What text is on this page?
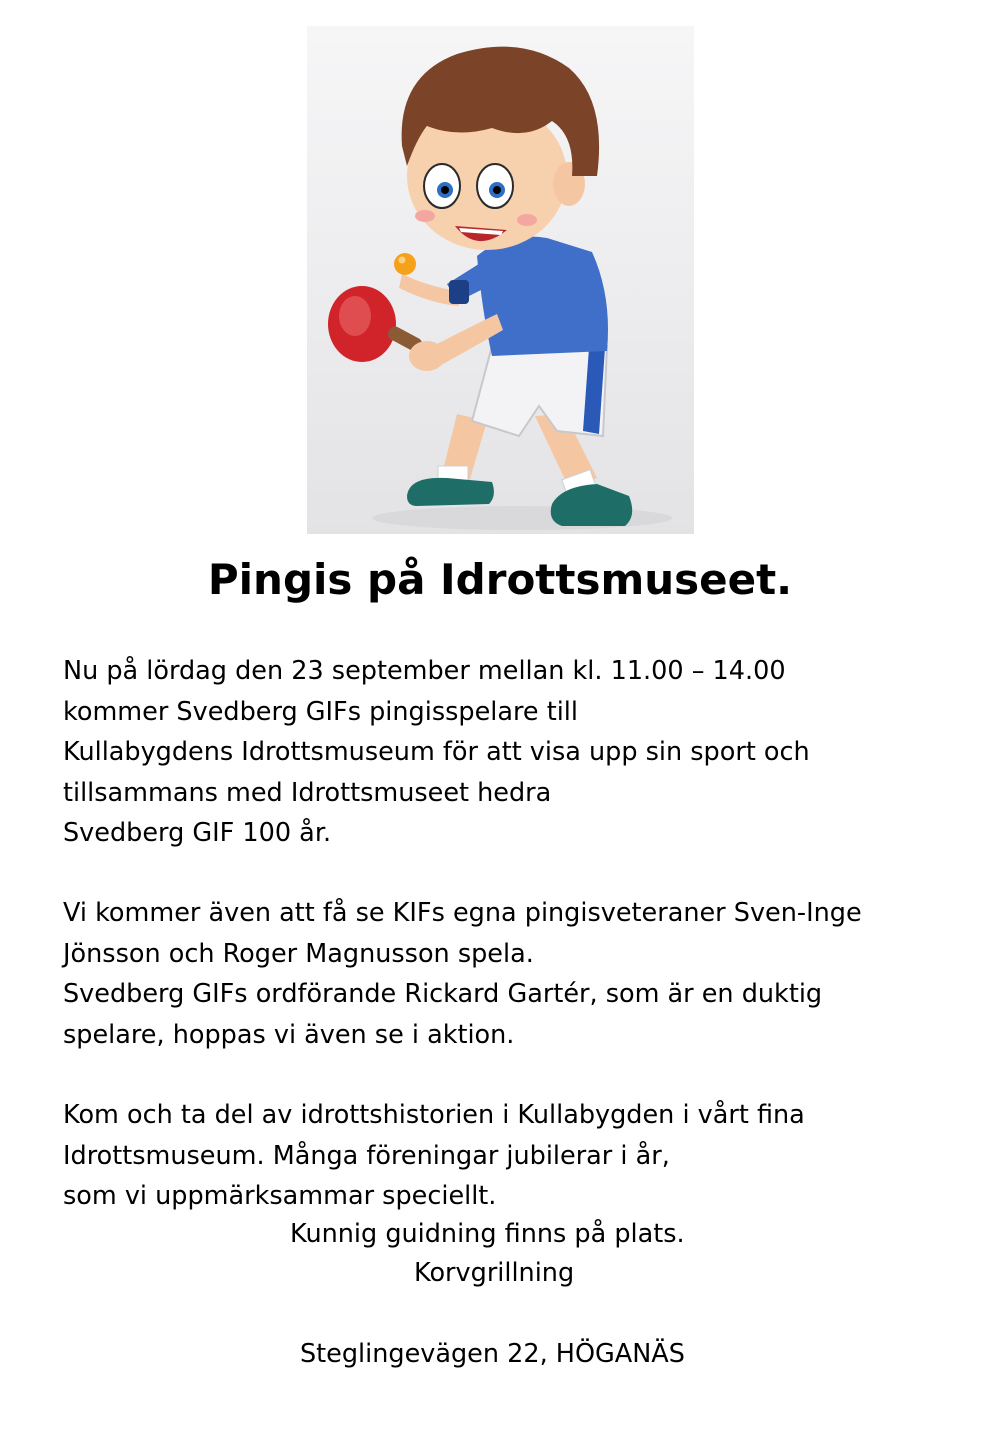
Pingis på Idrottsmuseet.

Nu på lördag den 23 september mellan kl. 11.00 – 14.00
kommer Svedberg GIFs pingisspelare till
Kullabygdens Idrottsmuseum för att visa upp sin sport och
tillsammans med Idrottsmuseet hedra
Svedberg GIF 100 år.

Vi kommer även att få se KIFs egna pingisveteraner Sven-Inge
Jönsson och Roger Magnusson spela.
Svedberg GIFs ordförande Rickard Gartér, som är en duktig
spelare, hoppas vi även se i aktion.

Kom och ta del av idrottshistorien i Kullabygden i vårt fina
Idrottsmuseum. Många föreningar jubilerar i år,
som vi uppmärksammar speciellt.

Kunnig guidning finns på plats.

Korvgrillning

Steglingevägen 22, HÖGANÄS
